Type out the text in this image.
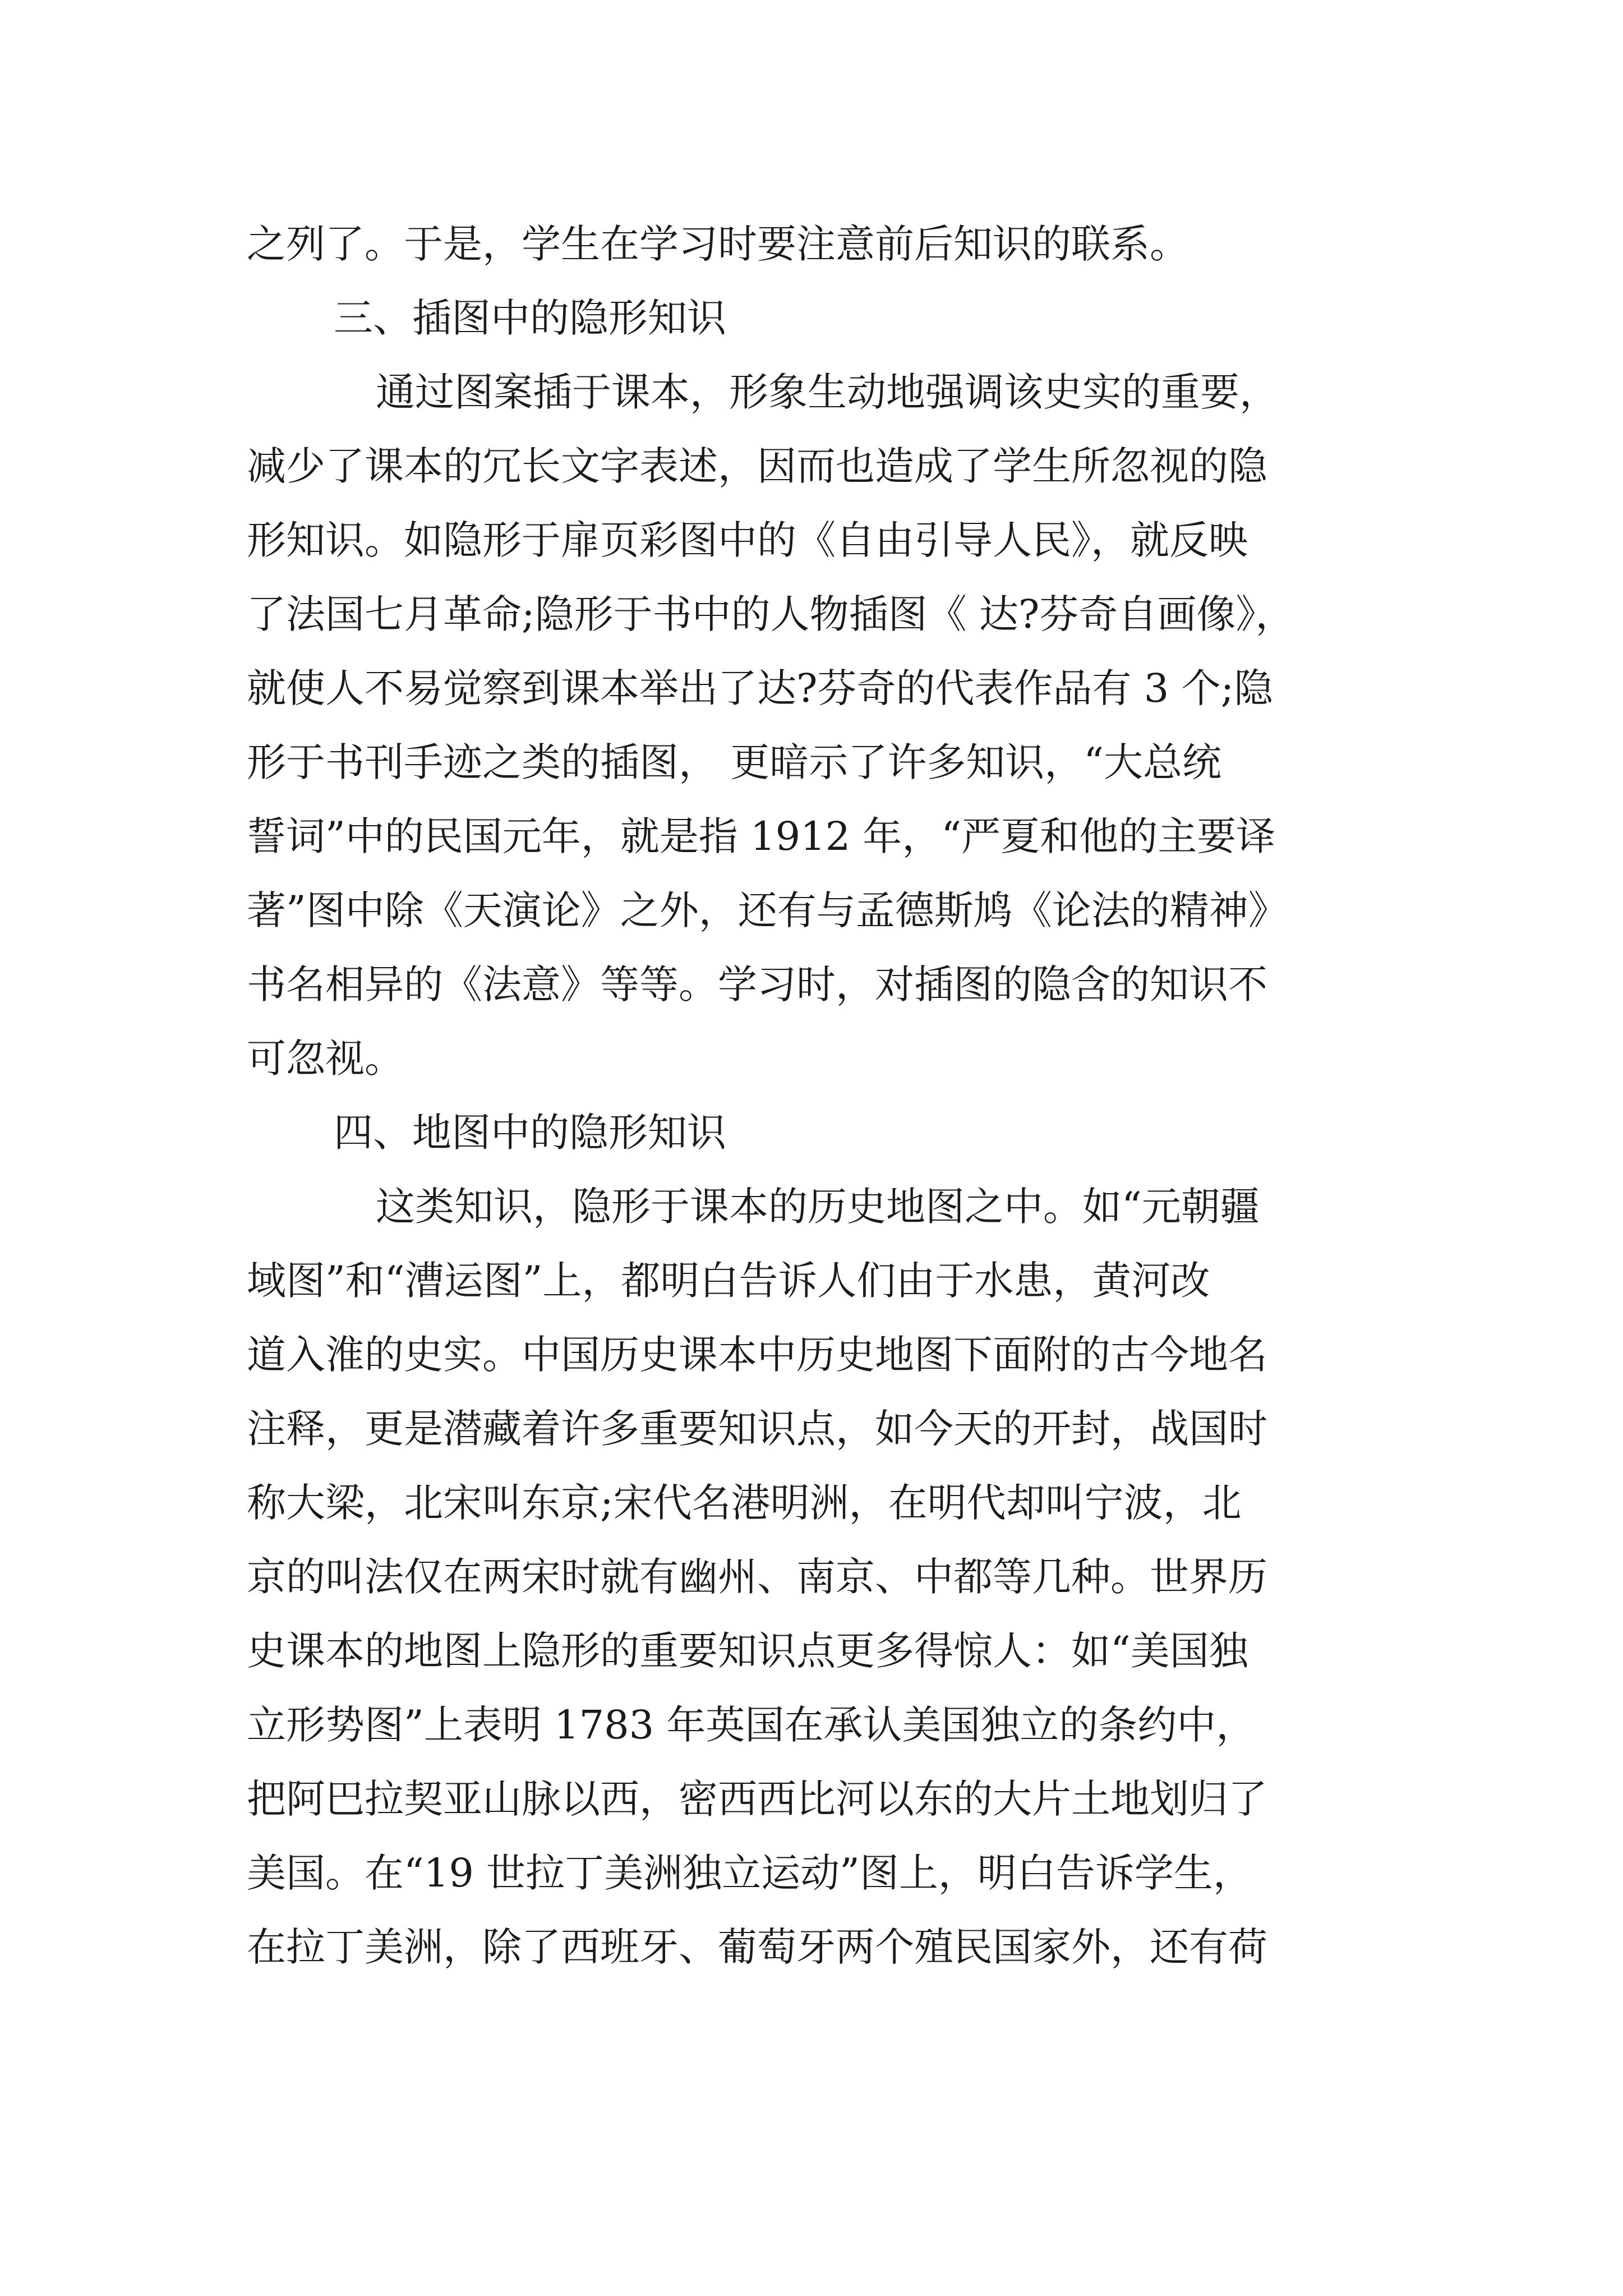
之列了。于是，学生在学习时要注意前后知识的联系。
三、插图中的隐形知识
通过图案插于课本，形象生动地强调该史实的重要，
减少了课本的冗长文字表述，因而也造成了学生所忽视的隐
形知识。如隐形于扉页彩图中的《自由引导人民》，就反映
了法国七月革命;隐形于书中的人物插图《 达?芬奇自画像》，
就使人不易觉察到课本举出了达?芬奇的代表作品有 3 个;隐
形于书刊手迹之类的插图， 更暗示了许多知识，“大总统
誓词”中的民国元年，就是指 1912 年，“严夏和他的主要译
著”图中除《天演论》之外，还有与孟德斯鸠《论法的精神》
书名相异的《法意》等等。学习时，对插图的隐含的知识不
可忽视。
四、地图中的隐形知识
这类知识，隐形于课本的历史地图之中。如“元朝疆
域图”和“漕运图”上，都明白告诉人们由于水患，黄河改
道入淮的史实。中国历史课本中历史地图下面附的古今地名
注释，更是潜藏着许多重要知识点，如今天的开封，战国时
称大梁，北宋叫东京;宋代名港明洲，在明代却叫宁波，北
京的叫法仅在两宋时就有幽州、南京、中都等几种。世界历
史课本的地图上隐形的重要知识点更多得惊人：如“美国独
立形势图”上表明 1783 年英国在承认美国独立的条约中，
把阿巴拉契亚山脉以西，密西西比河以东的大片土地划归了
美国。在“19 世拉丁美洲独立运动”图上，明白告诉学生，
在拉丁美洲，除了西班牙、葡萄牙两个殖民国家外，还有荷
